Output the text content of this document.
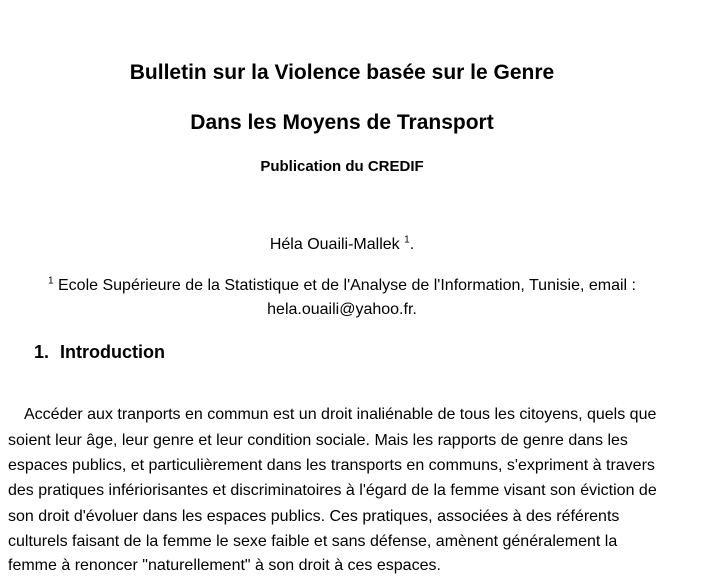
Bulletin sur la Violence basée sur le Genre
Dans les Moyens de Transport
Publication du CREDIF
Héla Ouaili-Mallek $^1$.
$^1$ Ecole Supérieure de la Statistique et de l'Analyse de l'Information, Tunisie, email :
hela.ouaili@yahoo.fr.
1. Introduction
Accéder aux tranports en commun est un droit inaliénable de tous les citoyens, quels que
soient leur âge, leur genre et leur condition sociale. Mais les rapports de genre dans les
espaces publics, et particulièrement dans les transports en communs, s'expriment à travers
des pratiques infériorisantes et discriminatoires à l'égard de la femme visant son éviction de
son droit d'évoluer dans les espaces publics. Ces pratiques, associées à des référents
culturels faisant de la femme le sexe faible et sans défense, amènent généralement la
femme à renoncer "naturellement" à son droit à ces espaces.
